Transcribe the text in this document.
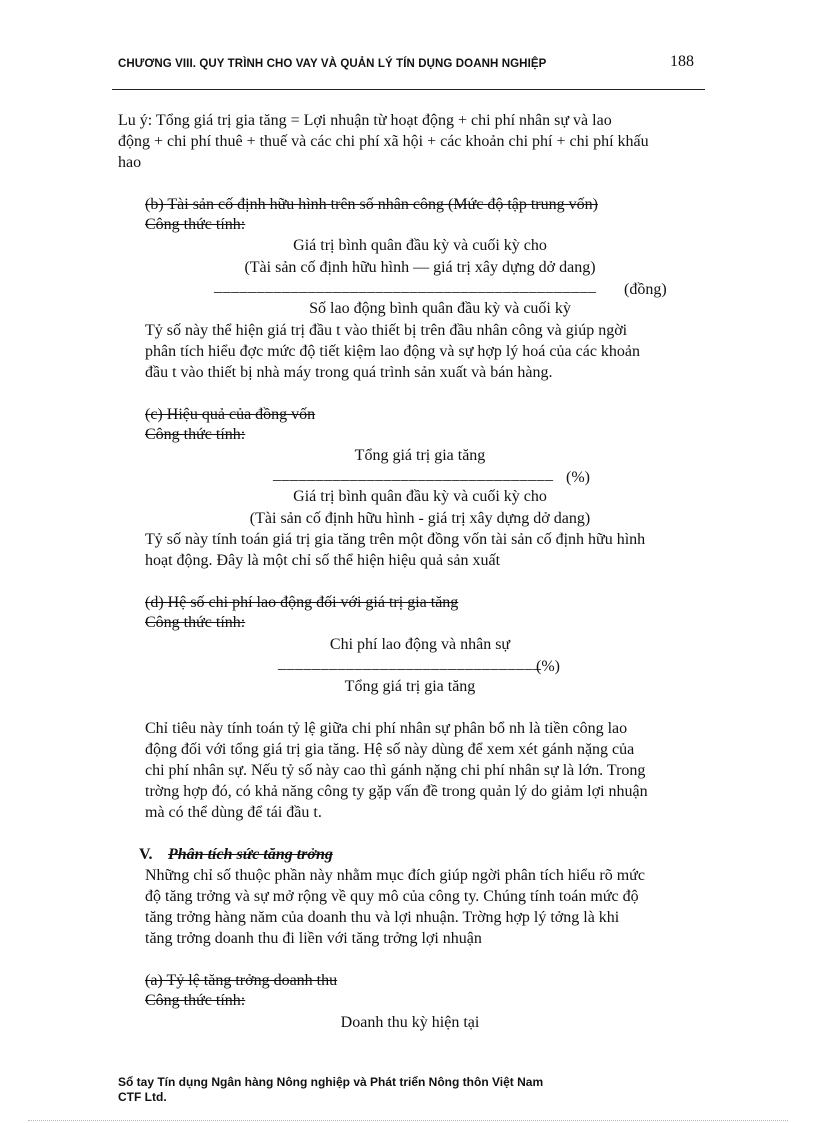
CHƯƠNG VIII. QUY TRÌNH CHO VAY VÀ QUẢN LÝ TÍN DỤNG DOANH NGHIỆP	188
Lu ý: Tổng giá trị gia tăng = Lợi nhuận từ hoạt động + chi phí nhân sự và lao
động + chi phí thuê + thuế và các chi phí xã hội + các khoản chi phí + chi phí khấu
hao
(b) Tài sản cố định hữu hình trên số nhân công (Mức độ tập trung vốn)
Công thức tính:
Giá trị bình quân đầu kỳ và cuối kỳ cho
(Tài sản cố định hữu hình — giá trị xây dựng dở dang)
_____________________________________________ (đồng)
Số lao động bình quân đầu kỳ và cuối kỳ
Tỷ số này thể hiện giá trị đầu t vào thiết bị trên đầu nhân công và giúp ngời
phân tích hiểu đợc mức độ tiết kiệm lao động và sự hợp lý hoá của các khoản
đầu t vào thiết bị nhà máy trong quá trình sản xuất và bán hàng.
(c) Hiệu quả của đồng vốn
Công thức tính:
Tổng giá trị gia tăng
_________________________________ (%)
Giá trị bình quân đầu kỳ và cuối kỳ cho
(Tài sản cố định hữu hình - giá trị xây dựng dở dang)
Tỷ số này tính toán giá trị gia tăng trên một đồng vốn tài sản cố định hữu hình
hoạt động. Đây là một chỉ số thể hiện hiệu quả sản xuất
(d) Hệ số chi phí lao động đối với giá trị gia tăng
Công thức tính:
Chi phí lao động và nhân sự
_______________________________
(%)
Tổng giá trị gia tăng
Chỉ tiêu này tính toán tỷ lệ giữa chi phí nhân sự phân bổ nh là tiền công lao
động đối với tổng giá trị gia tăng. Hệ số này dùng để xem xét gánh nặng của
chi phí nhân sự. Nếu tỷ số này cao thì gánh nặng chi phí nhân sự là lớn. Trong
trờng hợp đó, có khả năng công ty gặp vấn đề trong quản lý do giảm lợi nhuận
mà có thể dùng để tái đầu t.
V. Phân tích sức tăng trởng
Những chỉ số thuộc phần này nhằm mục đích giúp ngời phân tích hiểu rõ mức
độ tăng trởng và sự mở rộng về quy mô của công ty. Chúng tính toán mức độ
tăng trởng hàng năm của doanh thu và lợi nhuận. Trờng hợp lý tởng là khi
tăng trởng doanh thu đi liền với tăng trởng lợi nhuận
(a) Tỷ lệ tăng trởng doanh thu
Công thức tính:
Doanh thu kỳ hiện tại
Sổ tay Tín dụng Ngân hàng Nông nghiệp và Phát triển Nông thôn Việt Nam
CTF Ltd.
